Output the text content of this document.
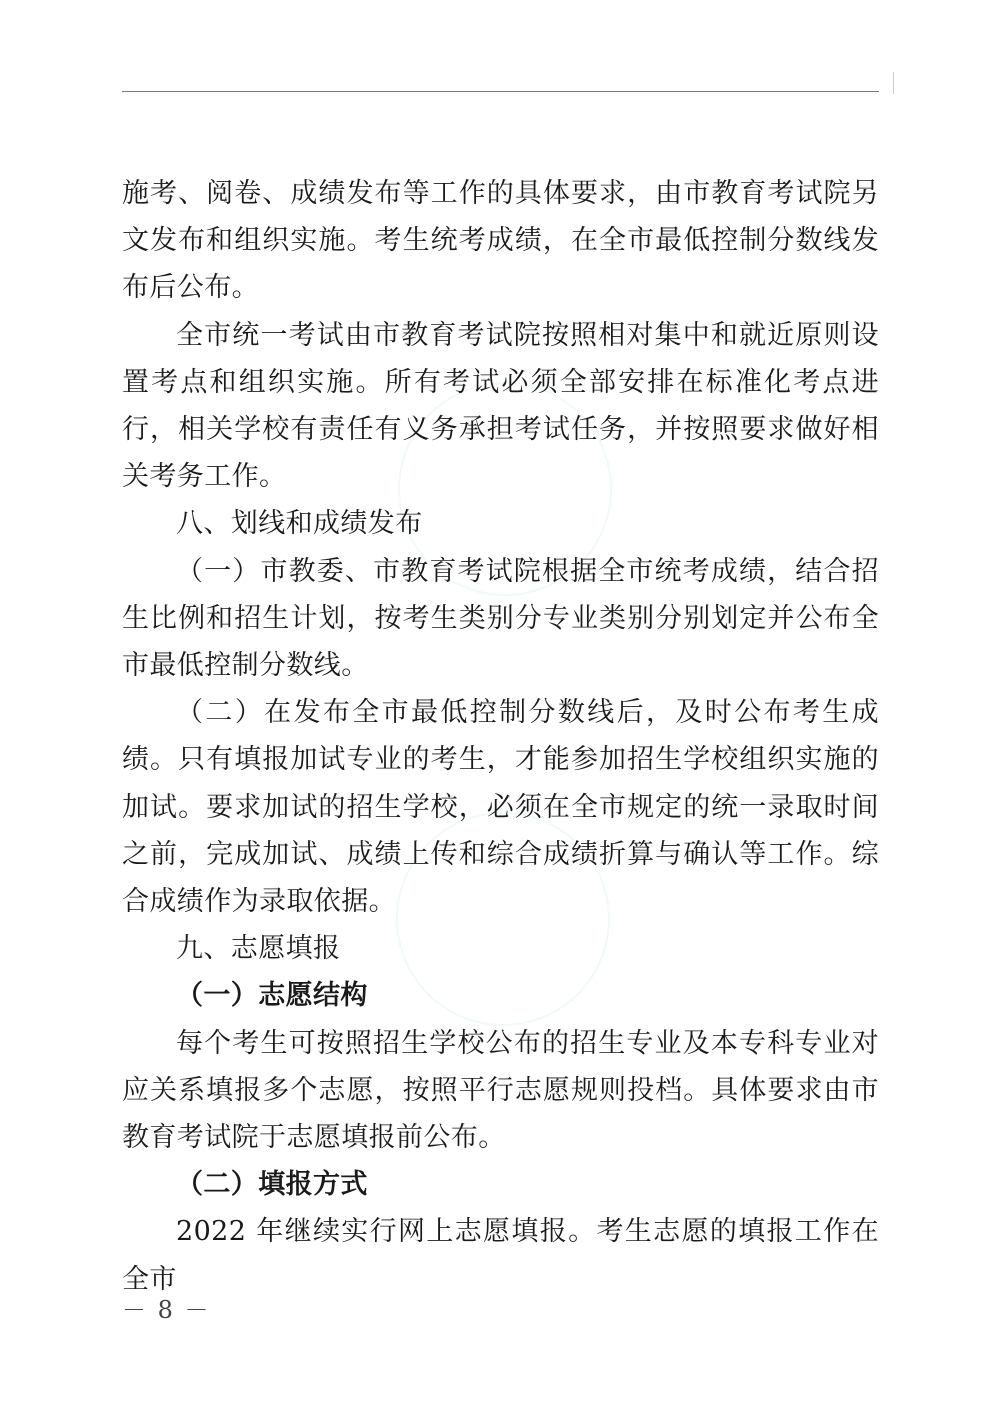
施考、阅卷、成绩发布等工作的具体要求，由市教育考试院另文发布和组织实施。考生统考成绩，在全市最低控制分数线发布后公布。

全市统一考试由市教育考试院按照相对集中和就近原则设置考点和组织实施。所有考试必须全部安排在标准化考点进行，相关学校有责任有义务承担考试任务，并按照要求做好相关考务工作。

八、划线和成绩发布

（一）市教委、市教育考试院根据全市统考成绩，结合招生比例和招生计划，按考生类别分专业类别分别划定并公布全市最低控制分数线。

（二）在发布全市最低控制分数线后，及时公布考生成绩。只有填报加试专业的考生，才能参加招生学校组织实施的加试。要求加试的招生学校，必须在全市规定的统一录取时间之前，完成加试、成绩上传和综合成绩折算与确认等工作。综合成绩作为录取依据。

九、志愿填报

（一）志愿结构

每个考生可按照招生学校公布的招生专业及本专科专业对应关系填报多个志愿，按照平行志愿规则投档。具体要求由市教育考试院于志愿填报前公布。

（二）填报方式

2022 年继续实行网上志愿填报。考生志愿的填报工作在全市

－ 8 －
